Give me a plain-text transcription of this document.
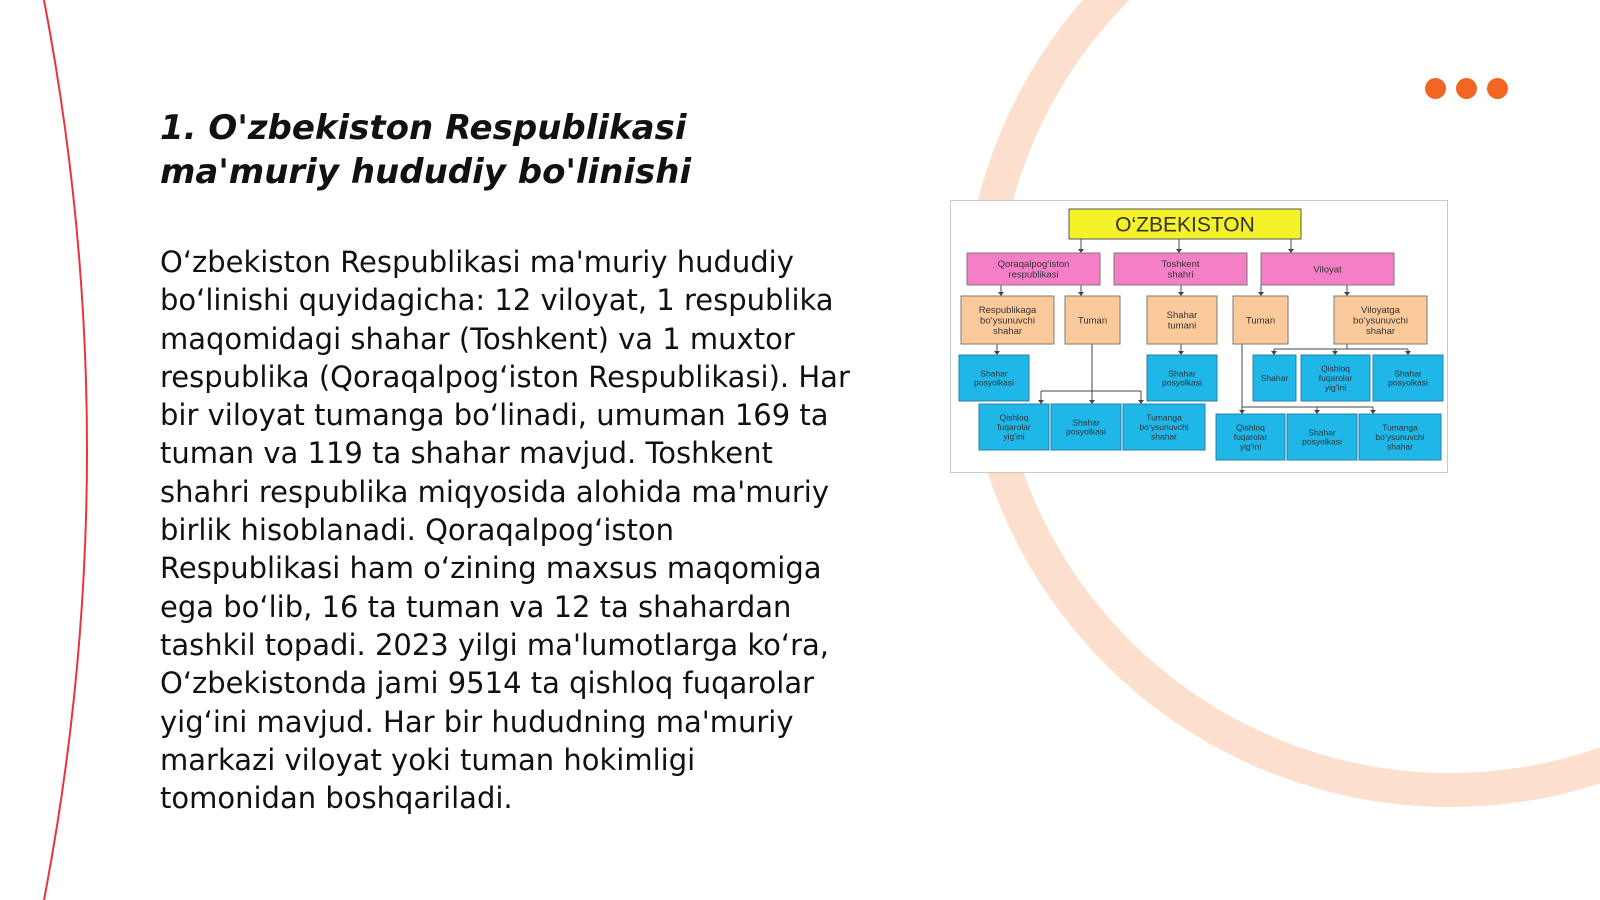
1. O'zbekiston Respublikasi ma'muriy hududiy bo'linishi

O‘zbekiston Respublikasi ma'muriy hududiy bo‘linishi quyidagicha: 12 viloyat, 1 respublika maqomidagi shahar (Toshkent) va 1 muxtor respublika (Qoraqalpog‘iston Respublikasi). Har bir viloyat tumanga bo‘linadi, umuman 169 ta tuman va 119 ta shahar mavjud. Toshkent shahri respublika miqyosida alohida ma'muriy birlik hisoblanadi. Qoraqalpog‘iston Respublikasi ham o‘zining maxsus maqomiga ega bo‘lib, 16 ta tuman va 12 ta shahardan tashkil topadi. 2023 yilgi ma'lumotlarga ko‘ra, O‘zbekistonda jami 9514 ta qishloq fuqarolar yig‘ini mavjud. Har bir hududning ma'muriy markazi viloyat yoki tuman hokimligi tomonidan boshqariladi.

O‘ZBEKISTON
Qoraqalpog‘iston
respublikasi
Toshkent
shahri	Viloyat
Respublikaga
bo‘ysunuvchi
shahar
Tuman	Shahar
tumani	Tuman
Viloyatga
bo‘ysunuvchi
shahar
Shahar
posyolkasi
Shahar
posyolkasi	Shahar
Qishloq
fuqarolar
yig‘ini
Shahar
posyolkasi
Qishloq
fuqarolar
yig‘ini
Shahar
posyolkasi
Tumanga
bo‘ysunuvchi
shahar
Qishloq
fuqarolar
yig‘ini
Shahar
posyolkasi
Tumanga
bo‘ysunuvchi
shahar
